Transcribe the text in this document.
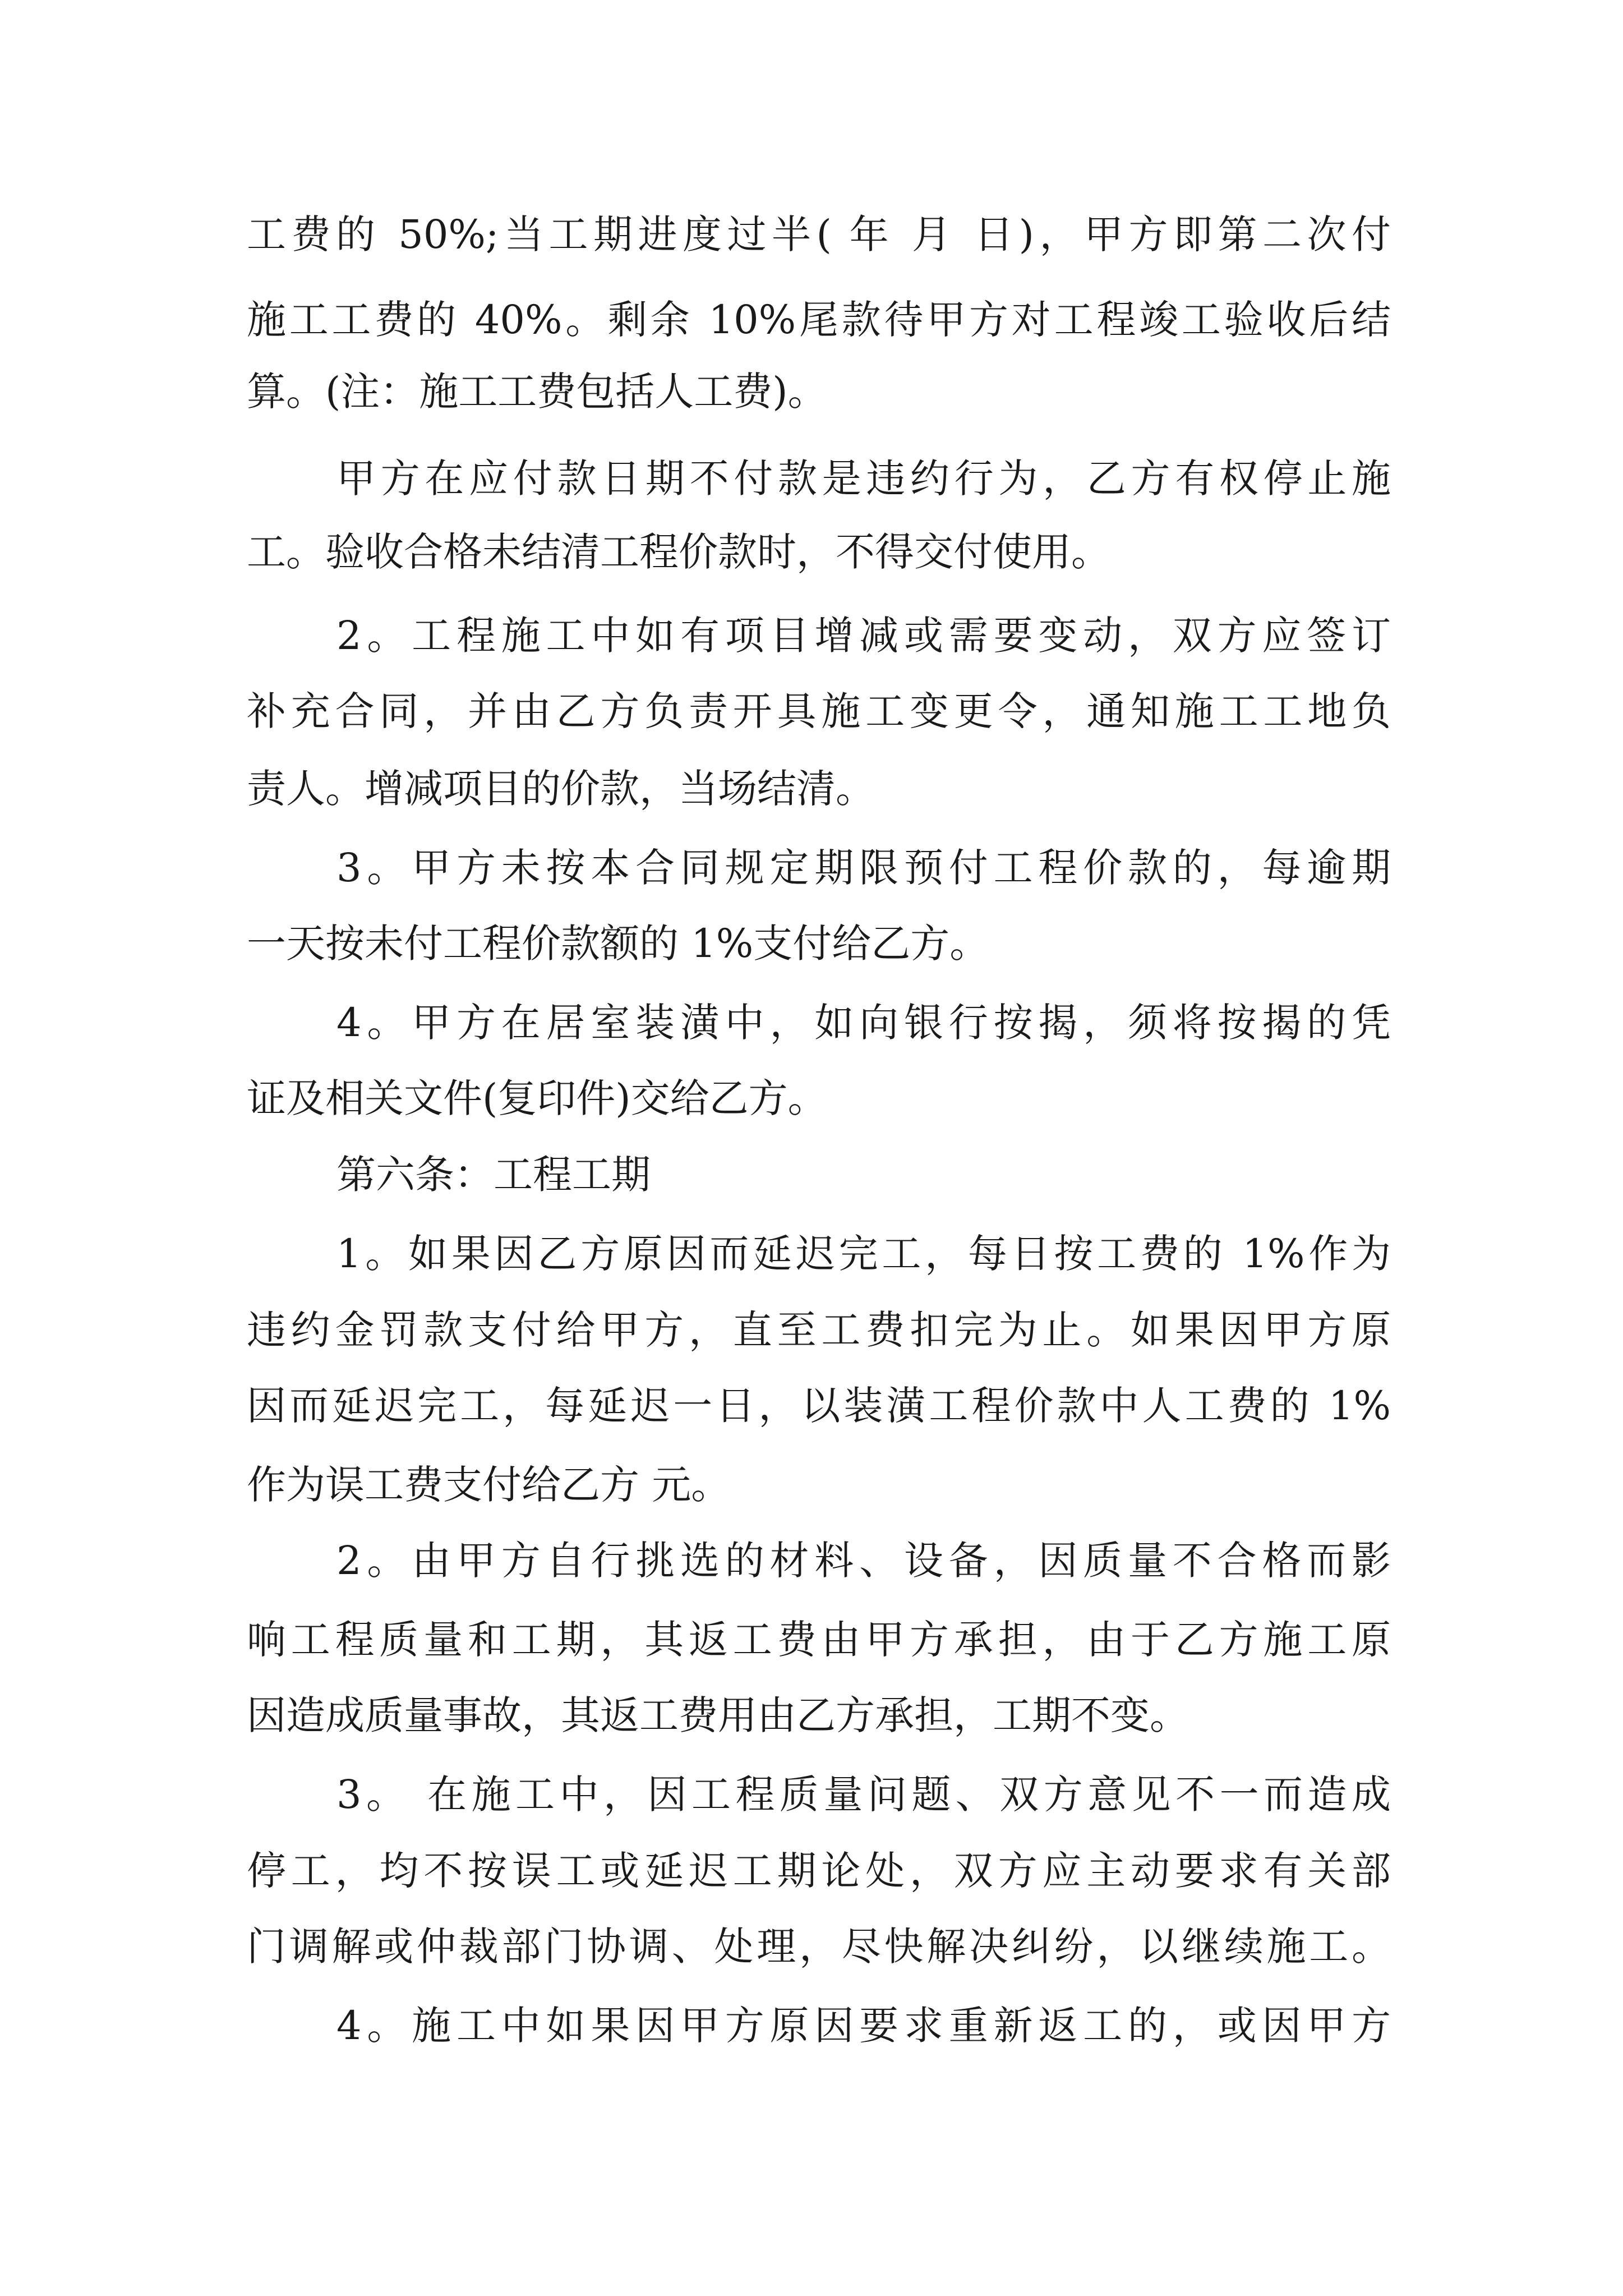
工费的 50%;当工期进度过半( 年 月 日)，甲方即第二次付
施工工费的 40%。剩余 10%尾款待甲方对工程竣工验收后结
算。(注：施工工费包括人工费)。
甲方在应付款日期不付款是违约行为，乙方有权停止施
工。验收合格未结清工程价款时，不得交付使用。
2。工程施工中如有项目增减或需要变动，双方应签订
补充合同，并由乙方负责开具施工变更令，通知施工工地负
责人。增减项目的价款，当场结清。
3。甲方未按本合同规定期限预付工程价款的，每逾期
一天按未付工程价款额的 1%支付给乙方。
4。甲方在居室装潢中，如向银行按揭，须将按揭的凭
证及相关文件(复印件)交给乙方。
第六条：工程工期
1。如果因乙方原因而延迟完工，每日按工费的 1%作为
违约金罚款支付给甲方，直至工费扣完为止。如果因甲方原
因而延迟完工，每延迟一日，以装潢工程价款中人工费的 1%
作为误工费支付给乙方 元。
2。由甲方自行挑选的材料、设备，因质量不合格而影
响工程质量和工期，其返工费由甲方承担，由于乙方施工原
因造成质量事故，其返工费用由乙方承担，工期不变。
3。 在施工中，因工程质量问题、双方意见不一而造成
停工，均不按误工或延迟工期论处，双方应主动要求有关部
门调解或仲裁部门协调、处理，尽快解决纠纷，以继续施工。
4。施工中如果因甲方原因要求重新返工的，或因甲方
